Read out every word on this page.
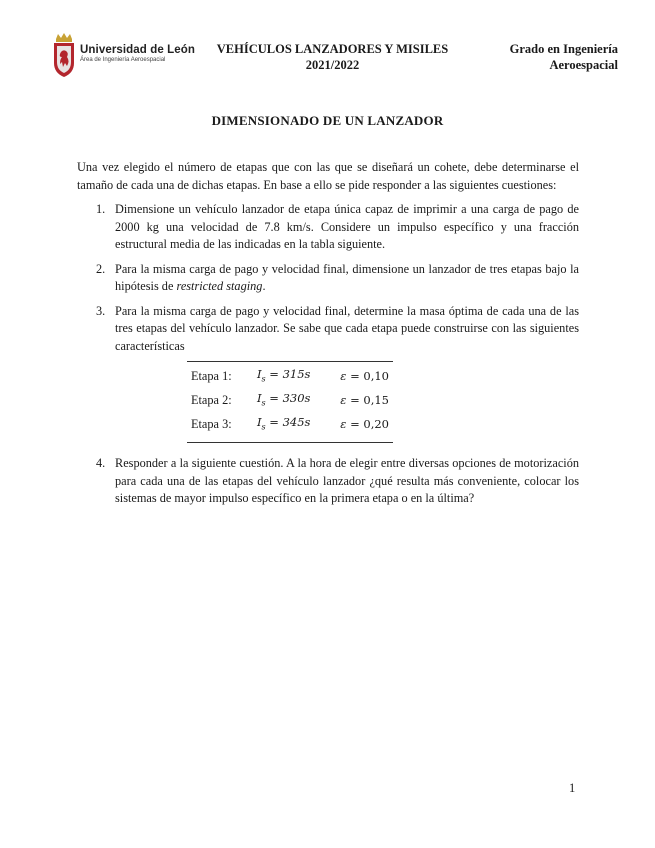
Universidad de León
Área de Ingeniería Aeroespacial
VEHÍCULOS LANZADORES Y MISILES
2021/2022
Grado en Ingeniería
Aeroespacial
DIMENSIONADO DE UN LANZADOR

Una vez elegido el número de etapas que con las que se diseñará un cohete, debe determinarse el tamaño de cada una de dichas etapas. En base a ello se pide responder a las siguientes cuestiones:

1. Dimensione un vehículo lanzador de etapa única capaz de imprimir a una carga de pago de 2000 kg una velocidad de 7.8 km/s. Considere un impulso específico y una fracción estructural media de las indicadas en la tabla siguiente.
2. Para la misma carga de pago y velocidad final, dimensione un lanzador de tres etapas bajo la hipótesis de restricted staging.
3. Para la misma carga de pago y velocidad final, determine la masa óptima de cada una de las tres etapas del vehículo lanzador. Se sabe que cada etapa puede construirse con las siguientes características
Etapa 1:	$I_s = 315s$	ε = 0,10
Etapa 2:	$I_s = 330s$	ε = 0,15
Etapa 3:	$I_s = 345s$	ε = 0,20
4. Responder a la siguiente cuestión. A la hora de elegir entre diversas opciones de motorización para cada una de las etapas del vehículo lanzador ¿qué resulta más conveniente, colocar los sistemas de mayor impulso específico en la primera etapa o en la última?
1
